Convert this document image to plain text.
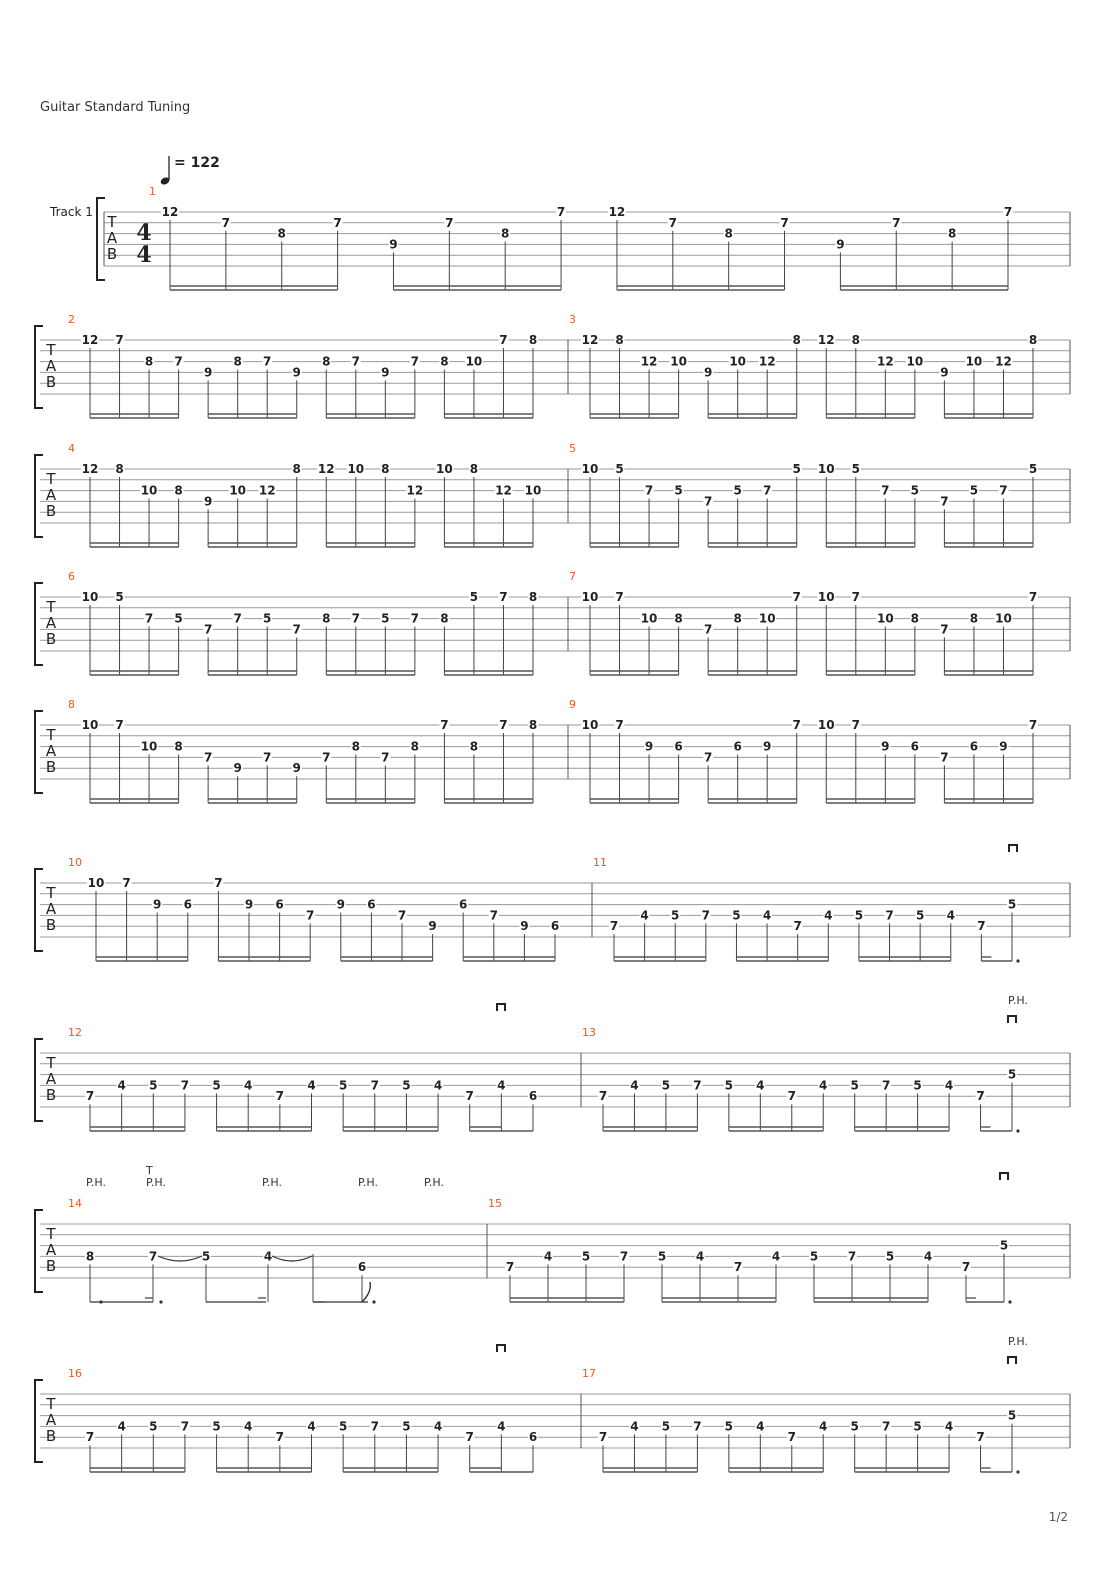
Guitar Standard Tuning
= 122
Track 1
1/2
T
A
B
4
4
1
12
7
8
7
9
7
8
7	12
7
8
7
9
7
8
7
T
A
B
2
12 7
8 7
9
8 7
9
8 7
9
7 8 10
7 8
3
12 8
12 10
9
10 12
8 12 8
12 10
9
10 12
8
T
A
B
4
12 8
10 8
9
10 12
8 12 10 8
12
10 8
12 10
5
10 5
7 5
7
5 7
5 10 5
7 5
7
5 7
5
T
A
B
6
10 5
7 5
7
7 5
7
8 7 5 7 8
5 7 8
7
10 7
10 8
7
8 10
7 10 7
10 8
7
8 10
7
T
A
B
8
10 7
10 8
7
9
7
9
7
8
7
8
7
8
7 8
9
10 7
9 6
7
6 9
7 10 7
9 6
7
6 9
7
T
A
B
10
10 7
9 6
7
9 6
7
9 6
7
9
6
7
9 6
11
7
4 5 7 5 4
7
4 5 7 5 4
7
5
T
A
B
12
7
4 5 7 5 4
7
4 5 7 5 4
7
4
6
13
7
4 5 7 5 4
7
4 5 7 5 4
7
5
T
A
B
14
8	7	5	4
6
15
7
4 5 7 5 4
7
4 5 7 5 4
7
5
T
A
B
16
7
4 5 7 5 4
7
4 5 7 5 4
7
4
6
17
7
4 5 7 5 4
7
4 5 7 5 4
7
5
P.H.
P.H.
P.H.	P.H.	P.H.	P.H.	P.H.
T
